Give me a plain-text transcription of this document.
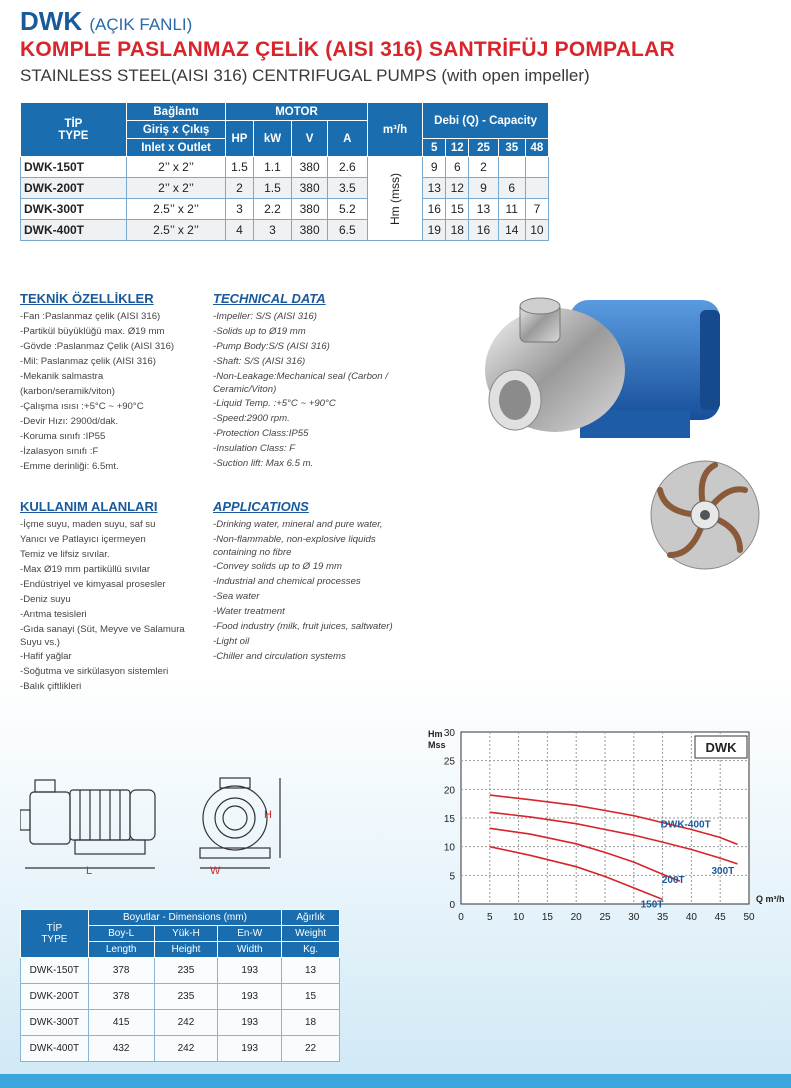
DWK (AÇIK FANLI)
KOMPLE PASLANMAZ ÇELİK (AISI 316) SANTRİFÜJ POMPALAR
STAINLESS STEEL(AISI 316) CENTRIFUGAL PUMPS (with open impeller)
TİP
TYPE	Bağlantı	MOTOR				m³/h	Debi (Q) - Capacity				
	Giriş x Çıkış	HP	kW	V	A						
	Inlet x Outlet						5	12	25	35	48
DWK-150T	2’’ x 2’’	1.5	1.1	380	2.6	Hm (mss)	9	6	2		
DWK-200T	2’’ x 2’’	2	1.5	380	3.5		13	12	9	6	
DWK-300T	2.5’’ x 2’’	3	2.2	380	5.2		16	15	13	11	7
DWK-400T	2.5’’ x 2’’	4	3	380	6.5		19	18	16	14	10
TEKNİK ÖZELLİKLER
-Fan :Paslanmaz çelik (AISI 316)
-Partikül büyüklüğü max. Ø19 mm
-Gövde :Paslanmaz Çelik (AISI 316)
-Mil: Paslanmaz çelik (AISI 316)
-Mekanik salmastra
(karbon/seramik/viton)
-Çalışma ısısı :+5°C ~ +90°C
-Devir Hızı: 2900d/dak.
-Koruma sınıfı :IP55
-İzalasyon sınıfı :F
-Emme derinliği: 6.5mt.
TECHNICAL DATA
-Impeller: S/S (AISI 316)
-Solids up to Ø19 mm
-Pump Body:S/S (AISI 316)
-Shaft: S/S (AISI 316)
-Non-Leakage:Mechanical seal (Carbon /
Ceramic/Viton)
-Liquid Temp. :+5°C ~ +90°C
-Speed:2900 rpm.
-Protection Class:IP55
-Insulation Class: F
-Suction lift: Max 6.5 m.
KULLANIM ALANLARI
-İçme suyu, maden suyu, saf su
Yanıcı ve Patlayıcı içermeyen
Temiz ve lifsiz sıvılar.
-Max Ø19 mm partiküllü sıvılar
-Endüstriyel ve kimyasal prosesler
-Deniz suyu
-Arıtma tesisleri
-Gıda sanayi (Süt, Meyve ve Salamura
Suyu vs.)
-Hafif yağlar
-Soğutma ve sirkülasyon sistemleri
-Balık çiftlikleri
APPLICATIONS
-Drinking water, mineral and pure water,
-Non-flammable, non-explosive liquids
containing no fibre
-Convey solids up to Ø 19 mm
-Industrial and chemical processes
-Sea water
-Water treatment
-Food industry (milk, fruit juices, saltwater)
-Light oil
-Chiller and circulation systems
L	W
H
TİP
TYPE	Boyutlar - Dimensions (mm)			Ağırlık
	Boy-L	Yük-H	En-W	Weight
	Length	Height	Width	Kg.
DWK-150T	378	235	193	13
DWK-200T	378	235	193	15
DWK-300T	415	242	193	18
DWK-400T	432	242	193	22
0
5
10
15
20
25
30
0 5 10 15 20 25 30 35 40 45 50
Hm
Mss
Q m³/h
DWK
150T
200T
300T
DWK-400T
